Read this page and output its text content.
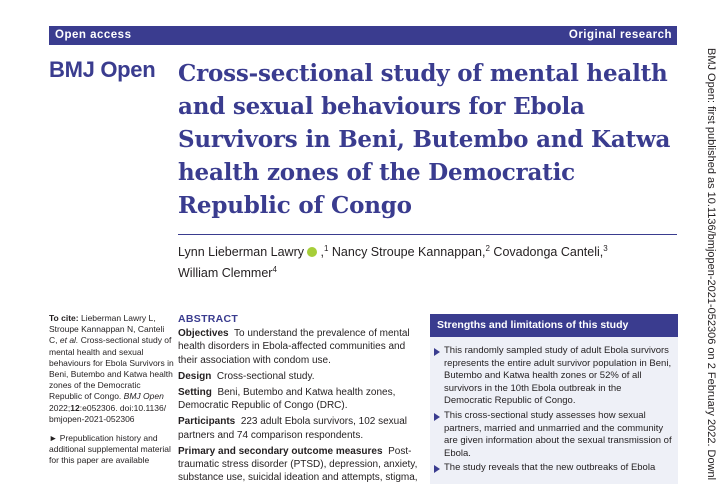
Open access	Original research
BMJ Open Cross-sectional study of mental health and sexual behaviours for Ebola Survivors in Beni, Butembo and Katwa health zones of the Democratic Republic of Congo
Lynn Lieberman Lawry ,$^1$ Nancy Stroupe Kannappan,$^2$ Covadonga Canteli,$^3$
William Clemmer$^4$

To cite: Lieberman Lawry L, Stroupe Kannappan N, Canteli C, et al. Cross-sectional study of mental health and sexual behaviours for Ebola Survivors in Beni, Butembo and Katwa health zones of the Democratic Republic of Congo. BMJ Open 2022;12:e052306. doi:10.1136/ bmjopen-2021-052306

► Prepublication history and additional supplemental material for this paper are available

ABSTRACT

Objectives To understand the prevalence of mental health disorders in Ebola-affected communities and their association with condom use.

Design Cross-sectional study.

Setting Beni, Butembo and Katwa health zones, Democratic Republic of Congo (DRC).

Participants 223 adult Ebola survivors, 102 sexual partners and 74 comparison respondents.

Primary and secondary outcome measures Post-traumatic stress disorder (PTSD), depression, anxiety, substance use, suicidal ideation and attempts, stigma,

Strengths and limitations of this study
This randomly sampled study of adult Ebola survivors represents the entire adult survivor population in Beni, Butembo and Katwa health zones or 52% of all survivors in the 10th Ebola outbreak in the Democratic Republic of Congo.
This cross-sectional study assesses how sexual partners, married and unmarried and the community are given information about the sexual transmission of Ebola.
The study reveals that the new outbreaks of Ebola	BMJ Open: first published as 10.1136/bmjopen-2021-052306 on 2 February 2022. Downl
